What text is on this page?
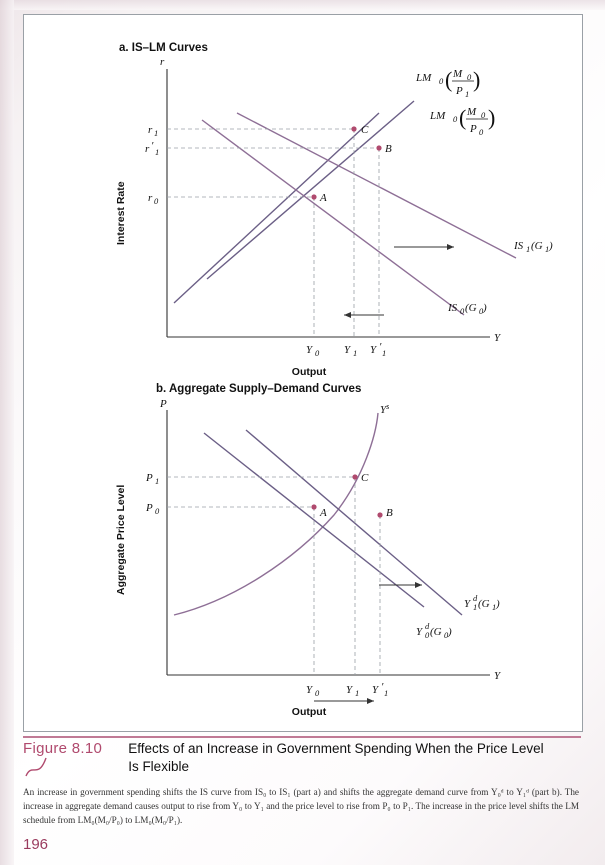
a. IS–LM Curves
r
Y
Interest Rate
Output
LM 0 ( M 0
P 1
)
LM 0 ( M 0
P 0
)
IS 1 (G 1 )
IS 0 (G 0 )
A
B
C
r 1
r ′ 1
r 0
Y 0 Y 1 Y ′ 1
b. Aggregate Supply–Demand Curves
P
Y
Aggregate Price Level
Output
$Y^s$
Y 1
d (G 1 )
Y 0
d (G 0 )
A	B
C
P 1
P 0
Y 0 Y 1 Y ′ 1
Figure 8.10 Effects of an Increase in Government Spending When the Price Level Is Flexible
An increase in government spending shifts the IS curve from IS₀ to IS₁ (part a) and shifts the aggregate demand curve from Y₀ᵈ to Y₁ᵈ (part b). The increase in aggregate demand causes output to rise from Y₀ to Y₁ and the price level to rise from P₀ to P₁. The increase in the price level shifts the LM schedule from LM₀(M₀/P₀) to LM₀(M₀/P₁).
196
